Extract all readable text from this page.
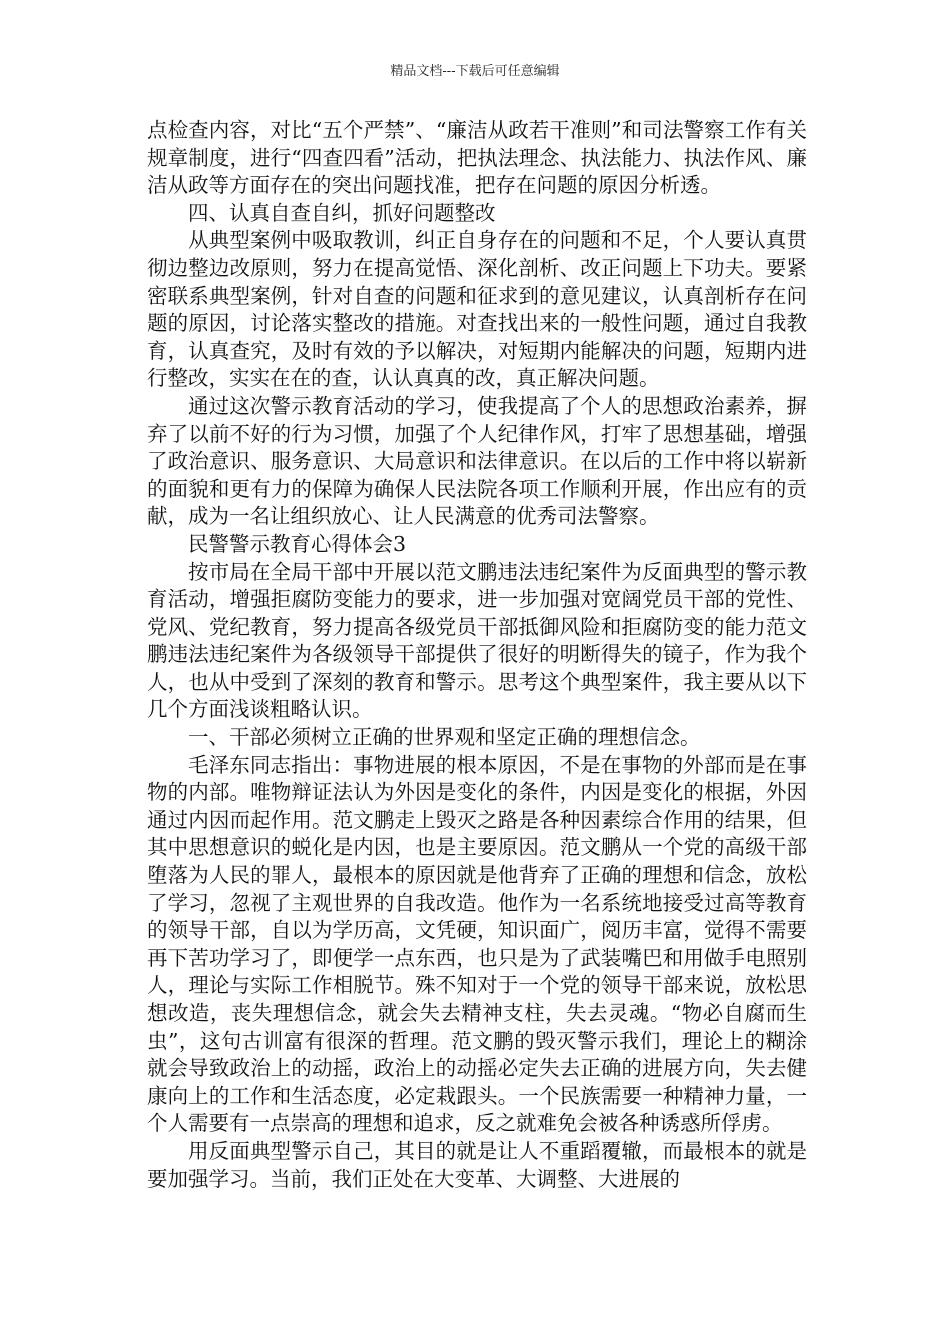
精品文档---下载后可任意编辑

点检查内容，对比“五个严禁”、“廉洁从政若干准则”和司法警察工作有关规章制度，进行“四查四看”活动，把执法理念、执法能力、执法作风、廉洁从政等方面存在的突出问题找准，把存在问题的原因分析透。

四、认真自查自纠，抓好问题整改

从典型案例中吸取教训，纠正自身存在的问题和不足，个人要认真贯彻边整边改原则，努力在提高觉悟、深化剖析、改正问题上下功夫。要紧密联系典型案例，针对自查的问题和征求到的意见建议，认真剖析存在问题的原因，讨论落实整改的措施。对查找出来的一般性问题，通过自我教育，认真查究，及时有效的予以解决，对短期内能解决的问题，短期内进行整改，实实在在的查，认认真真的改，真正解决问题。

通过这次警示教育活动的学习，使我提高了个人的思想政治素养，摒弃了以前不好的行为习惯，加强了个人纪律作风，打牢了思想基础，增强了政治意识、服务意识、大局意识和法律意识。在以后的工作中将以崭新的面貌和更有力的保障为确保人民法院各项工作顺利开展，作出应有的贡献，成为一名让组织放心、让人民满意的优秀司法警察。

民警警示教育心得体会3

按市局在全局干部中开展以范文鹏违法违纪案件为反面典型的警示教育活动，增强拒腐防变能力的要求，进一步加强对宽阔党员干部的党性、党风、党纪教育，努力提高各级党员干部抵御风险和拒腐防变的能力范文鹏违法违纪案件为各级领导干部提供了很好的明断得失的镜子，作为我个人，也从中受到了深刻的教育和警示。思考这个典型案件，我主要从以下几个方面浅谈粗略认识。

一、干部必须树立正确的世界观和坚定正确的理想信念。

毛泽东同志指出：事物进展的根本原因，不是在事物的外部而是在事物的内部。唯物辩证法认为外因是变化的条件，内因是变化的根据，外因通过内因而起作用。范文鹏走上毁灭之路是各种因素综合作用的结果，但其中思想意识的蜕化是内因，也是主要原因。范文鹏从一个党的高级干部堕落为人民的罪人，最根本的原因就是他背弃了正确的理想和信念，放松了学习，忽视了主观世界的自我改造。他作为一名系统地接受过高等教育的领导干部，自以为学历高，文凭硬，知识面广，阅历丰富，觉得不需要再下苦功学习了，即便学一点东西，也只是为了武装嘴巴和用做手电照别人，理论与实际工作相脱节。殊不知对于一个党的领导干部来说，放松思想改造，丧失理想信念，就会失去精神支柱，失去灵魂。“物必自腐而生虫”，这句古训富有很深的哲理。范文鹏的毁灭警示我们，理论上的糊涂就会导致政治上的动摇，政治上的动摇必定失去正确的进展方向，失去健康向上的工作和生活态度，必定栽跟头。一个民族需要一种精神力量，一个人需要有一点崇高的理想和追求，反之就难免会被各种诱惑所俘虏。

用反面典型警示自己，其目的就是让人不重蹈覆辙，而最根本的就是要加强学习。当前，我们正处在大变革、大调整、大进展的
